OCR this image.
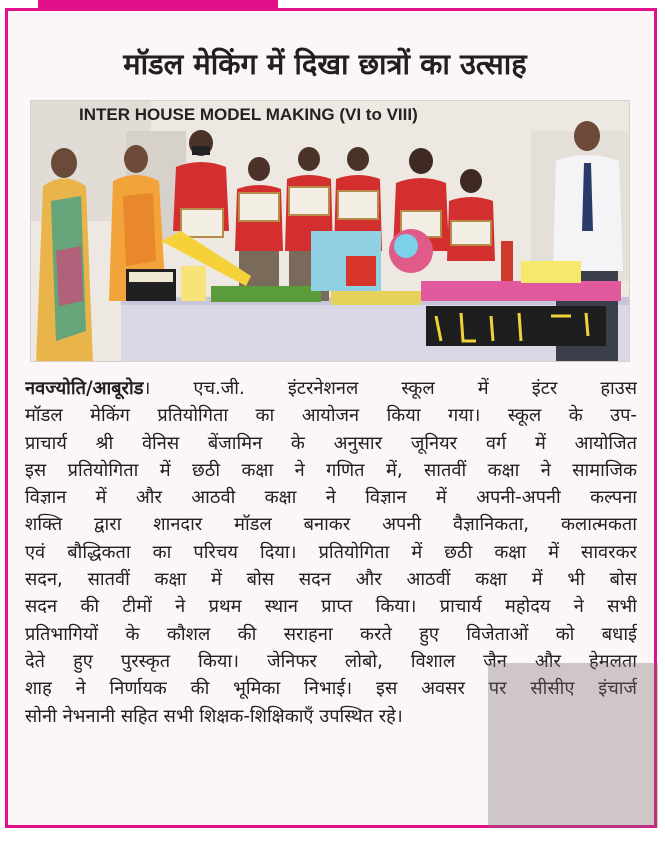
मॉडल मेकिंग में दिखा छात्रों का उत्साह
INTER HOUSE MODEL MAKING (VI to VIII)
नवज्योति/आबूरोड। एच.जी. इंटरनेशनल स्कूल में इंटर हाउस
मॉडल मेकिंग प्रतियोगिता का आयोजन किया गया। स्कूल के उप-
प्राचार्य श्री वेनिस बेंजामिन के अनुसार जूनियर वर्ग में आयोजित
इस प्रतियोगिता में छठी कक्षा ने गणित में, सातवीं कक्षा ने सामाजिक
विज्ञान में और आठवी कक्षा ने विज्ञान में अपनी-अपनी कल्पना
शक्ति द्वारा शानदार मॉडल बनाकर अपनी वैज्ञानिकता, कलात्मकता
एवं बौद्धिकता का परिचय दिया। प्रतियोगिता में छठी कक्षा में सावरकर
सदन, सातवीं कक्षा में बोस सदन और आठवीं कक्षा में भी बोस
सदन की टीमों ने प्रथम स्थान प्राप्त किया। प्राचार्य महोदय ने सभी
प्रतिभागियों के कौशल की सराहना करते हुए विजेताओं को बधाई
देते हुए पुरस्कृत किया। जेनिफर लोबो, विशाल जैन और हेमलता
शाह ने निर्णायक की भूमिका निभाई। इस अवसर पर सीसीए इंचार्ज
सोनी नेभनानी सहित सभी शिक्षक-शिक्षिकाएँ उपस्थित रहे।
